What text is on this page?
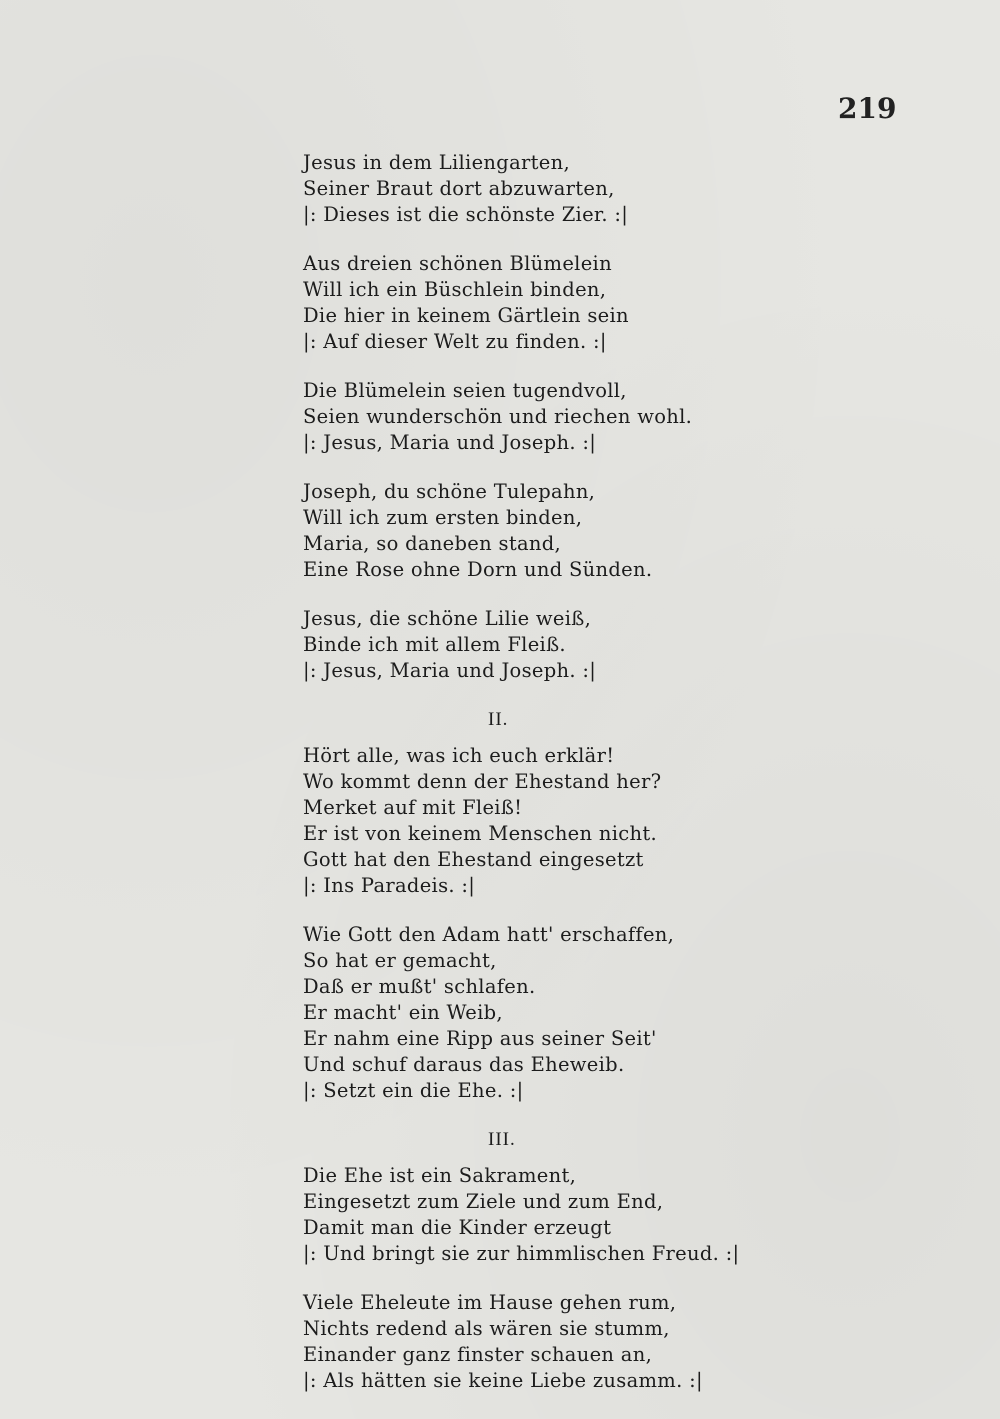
219
Jesus in dem Liliengarten,
Seiner Braut dort abzuwarten,
|: Dieses ist die schönste Zier. :|
Aus dreien schönen Blümelein
Will ich ein Büschlein binden,
Die hier in keinem Gärtlein sein
|: Auf dieser Welt zu finden. :|
Die Blümelein seien tugendvoll,
Seien wunderschön und riechen wohl.
|: Jesus, Maria und Joseph. :|
Joseph, du schöne Tulepahn,
Will ich zum ersten binden,
Maria, so daneben stand,
Eine Rose ohne Dorn und Sünden.
Jesus, die schöne Lilie weiß,
Binde ich mit allem Fleiß.
|: Jesus, Maria und Joseph. :|
II.
Hört alle, was ich euch erklär!
Wo kommt denn der Ehestand her?
Merket auf mit Fleiß!
Er ist von keinem Menschen nicht.
Gott hat den Ehestand eingesetzt
|: Ins Paradeis. :|
Wie Gott den Adam hatt' erschaffen,
So hat er gemacht,
Daß er mußt' schlafen.
Er macht' ein Weib,
Er nahm eine Ripp aus seiner Seit'
Und schuf daraus das Eheweib.
|: Setzt ein die Ehe. :|
III.
Die Ehe ist ein Sakrament,
Eingesetzt zum Ziele und zum End,
Damit man die Kinder erzeugt
|: Und bringt sie zur himmlischen Freud. :|
Viele Eheleute im Hause gehen rum,
Nichts redend als wären sie stumm,
Einander ganz finster schauen an,
|: Als hätten sie keine Liebe zusamm. :|
